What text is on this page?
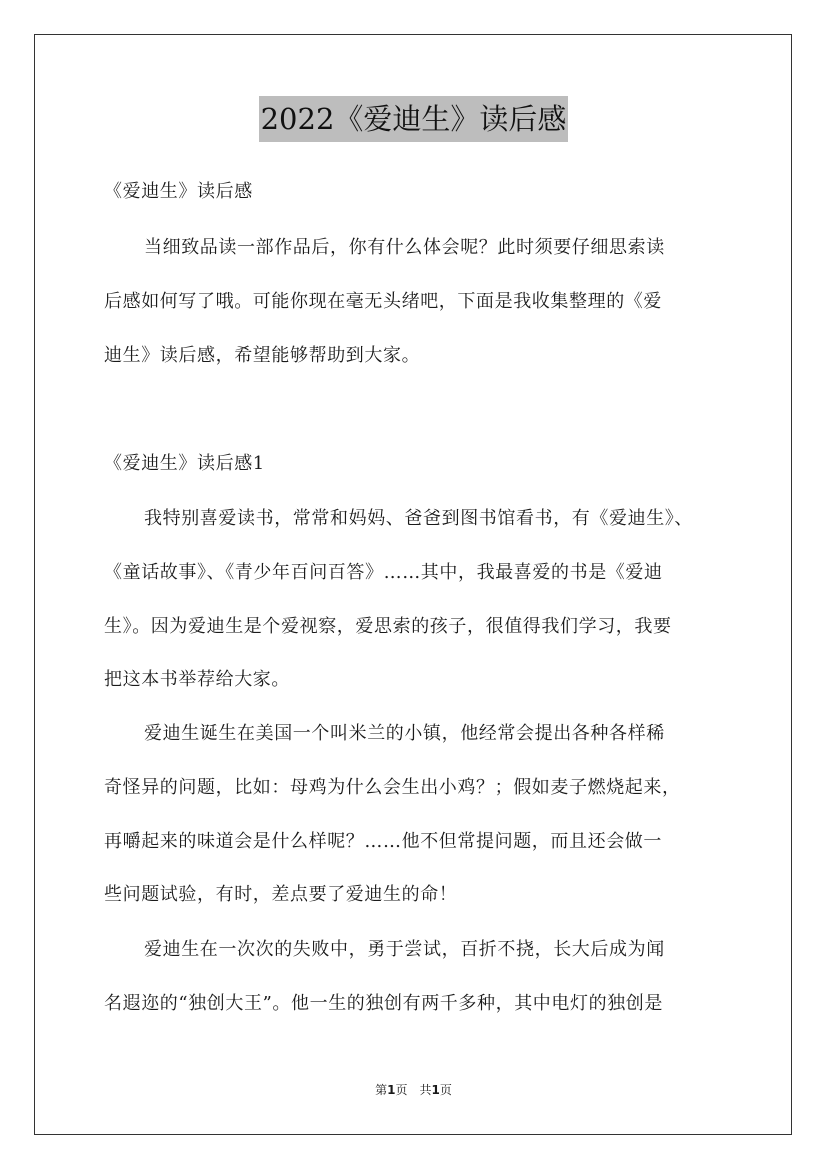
2022《爱迪生》读后感
《爱迪生》读后感
当细致品读一部作品后，你有什么体会呢？此时须要仔细思索读
后感如何写了哦。可能你现在毫无头绪吧，下面是我收集整理的《爱
迪生》读后感，希望能够帮助到大家。
《爱迪生》读后感1
我特别喜爱读书，常常和妈妈、爸爸到图书馆看书，有《爱迪生》、
《童话故事》、《青少年百问百答》……其中，我最喜爱的书是《爱迪
生》。因为爱迪生是个爱视察，爱思索的孩子，很值得我们学习，我要
把这本书举荐给大家。
爱迪生诞生在美国一个叫米兰的小镇，他经常会提出各种各样稀
奇怪异的问题，比如：母鸡为什么会生出小鸡？；假如麦子燃烧起来，
再嚼起来的味道会是什么样呢？……他不但常提问题，而且还会做一
些问题试验，有时，差点要了爱迪生的命！
爱迪生在一次次的失败中，勇于尝试，百折不挠，长大后成为闻
名遐迩的“独创大王”。他一生的独创有两千多种，其中电灯的独创是
第1页　共1页
